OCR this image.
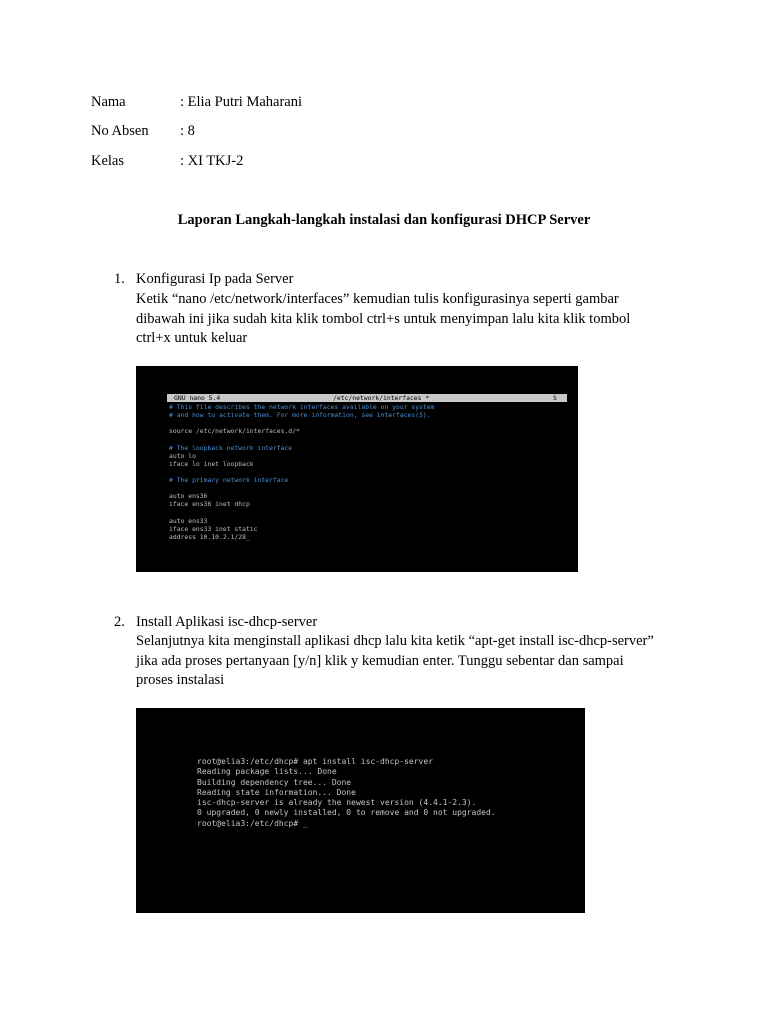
Nama	: Elia Putri Maharani
No Absen : 8
Kelas	: XI TKJ-2
Laporan Langkah-langkah instalasi dan konfigurasi DHCP Server
1. Konfigurasi Ip pada Server
Ketik “nano /etc/network/interfaces” kemudian tulis konfigurasinya seperti gambar
dibawah ini jika sudah kita klik tombol ctrl+s untuk menyimpan lalu kita klik tombol
ctrl+x untuk keluar
GNU nano 5.4	/etc/network/interfaces *	S
# This file describes the network interfaces available on your system
# and how to activate them. For more information, see interfaces(5).
source /etc/network/interfaces.d/*
# The loopback network interface
auto lo
iface lo inet loopback
# The primary network interface
auto ens36
iface ens36 inet dhcp
auto ens33
iface ens33 inet static
address 10.10.2.1/28_
2. Install Aplikasi isc-dhcp-server
Selanjutnya kita menginstall aplikasi dhcp lalu kita ketik “apt-get install isc-dhcp-server”
jika ada proses pertanyaan [y/n] klik y kemudian enter. Tunggu sebentar dan sampai
proses instalasi
root@elia3:/etc/dhcp# apt install isc-dhcp-server
Reading package lists... Done
Building dependency tree... Done
Reading state information... Done
isc-dhcp-server is already the newest version (4.4.1-2.3).
0 upgraded, 0 newly installed, 0 to remove and 0 not upgraded.
root@elia3:/etc/dhcp# _
